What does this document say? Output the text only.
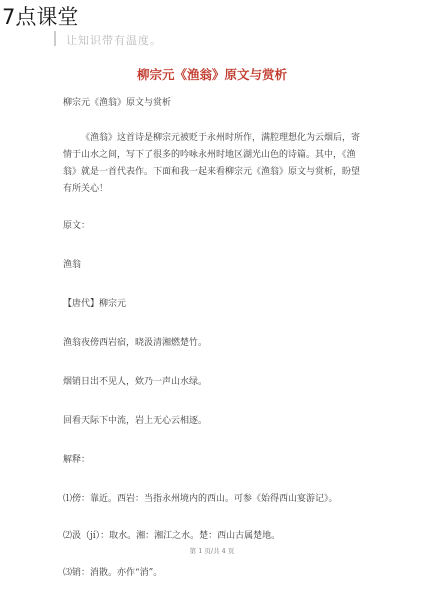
7点课堂
让知识带有温度。
柳宗元《渔翁》原文与赏析

柳宗元《渔翁》原文与赏析

《渔翁》这首诗是柳宗元被贬于永州时所作，满腔理想化为云烟后，寄情于山水之间，写下了很多的吟咏永州时地区湖光山色的诗篇。其中，《渔翁》就是一首代表作。下面和我一起来看柳宗元《渔翁》原文与赏析，盼望有所关心！

原文：

渔翁

【唐代】柳宗元

渔翁夜傍西岩宿，晓汲清湘燃楚竹。

烟销日出不见人，欸乃一声山水绿。

回看天际下中流，岩上无心云相逐。

解释：

⑴傍：靠近。西岩：当指永州境内的西山。可参《始得西山宴游记》。

⑵汲（jí）：取水。湘：湘江之水。楚：西山古属楚地。

⑶销：消散。亦作“消”。

第 1 页/共 4 页
